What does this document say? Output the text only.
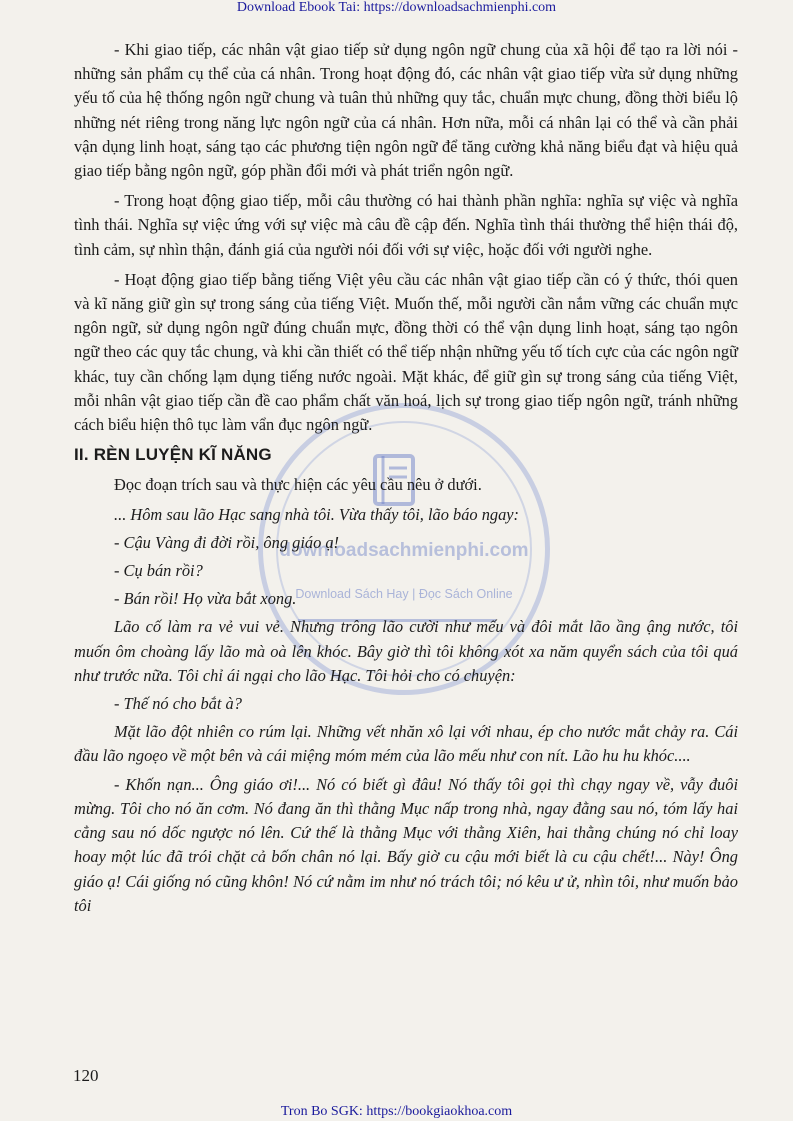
Download Ebook Tai: https://downloadsachmienphi.com
downloadsachmienphi.com
Download Sách Hay | Đọc Sách Online

- Khi giao tiếp, các nhân vật giao tiếp sử dụng ngôn ngữ chung của xã hội để tạo ra lời nói - những sản phẩm cụ thể của cá nhân. Trong hoạt động đó, các nhân vật giao tiếp vừa sử dụng những yếu tố của hệ thống ngôn ngữ chung và tuân thủ những quy tắc, chuẩn mực chung, đồng thời biểu lộ những nét riêng trong năng lực ngôn ngữ của cá nhân. Hơn nữa, mỗi cá nhân lại có thể và cần phải vận dụng linh hoạt, sáng tạo các phương tiện ngôn ngữ để tăng cường khả năng biểu đạt và hiệu quả giao tiếp bằng ngôn ngữ, góp phần đổi mới và phát triển ngôn ngữ.

- Trong hoạt động giao tiếp, mỗi câu thường có hai thành phần nghĩa: nghĩa sự việc và nghĩa tình thái. Nghĩa sự việc ứng với sự việc mà câu đề cập đến. Nghĩa tình thái thường thể hiện thái độ, tình cảm, sự nhìn thận, đánh giá của người nói đối với sự việc, hoặc đối với người nghe.

- Hoạt động giao tiếp bằng tiếng Việt yêu cầu các nhân vật giao tiếp cần có ý thức, thói quen và kĩ năng giữ gìn sự trong sáng của tiếng Việt. Muốn thế, mỗi người cần nắm vững các chuẩn mực ngôn ngữ, sử dụng ngôn ngữ đúng chuẩn mực, đồng thời có thể vận dụng linh hoạt, sáng tạo ngôn ngữ theo các quy tắc chung, và khi cần thiết có thể tiếp nhận những yếu tố tích cực của các ngôn ngữ khác, tuy cần chống lạm dụng tiếng nước ngoài. Mặt khác, để giữ gìn sự trong sáng của tiếng Việt, mỗi nhân vật giao tiếp cần đề cao phẩm chất văn hoá, lịch sự trong giao tiếp ngôn ngữ, tránh những cách biểu hiện thô tục làm vẩn đục ngôn ngữ.

II. RÈN LUYỆN KĨ NĂNG

Đọc đoạn trích sau và thực hiện các yêu cầu nêu ở dưới.

... Hôm sau lão Hạc sang nhà tôi. Vừa thấy tôi, lão báo ngay:

- Cậu Vàng đi đời rồi, ông giáo ạ!

- Cụ bán rồi?

- Bán rồi! Họ vừa bắt xong.

Lão cố làm ra vẻ vui vẻ. Nhưng trông lão cười như mếu và đôi mắt lão ầng ậng nước, tôi muốn ôm choàng lấy lão mà oà lên khóc. Bây giờ thì tôi không xót xa năm quyển sách của tôi quá như trước nữa. Tôi chỉ ái ngại cho lão Hạc. Tôi hỏi cho có chuyện:

- Thế nó cho bắt à?

Mặt lão đột nhiên co rúm lại. Những vết nhăn xô lại với nhau, ép cho nước mắt chảy ra. Cái đầu lão ngoẹo về một bên và cái miệng móm mém của lão mếu như con nít. Lão hu hu khóc....

- Khốn nạn... Ông giáo ơi!... Nó có biết gì đâu! Nó thấy tôi gọi thì chạy ngay về, vẫy đuôi mừng. Tôi cho nó ăn cơm. Nó đang ăn thì thằng Mục nấp trong nhà, ngay đằng sau nó, tóm lấy hai cẳng sau nó dốc ngược nó lên. Cứ thế là thằng Mục với thằng Xiên, hai thằng chúng nó chỉ loay hoay một lúc đã trói chặt cả bốn chân nó lại. Bấy giờ cu cậu mới biết là cu cậu chết!... Này! Ông giáo ạ! Cái giống nó cũng khôn! Nó cứ nằm im như nó trách tôi; nó kêu ư ử, nhìn tôi, như muốn bảo tôi

120
Tron Bo SGK: https://bookgiaokhoa.com
